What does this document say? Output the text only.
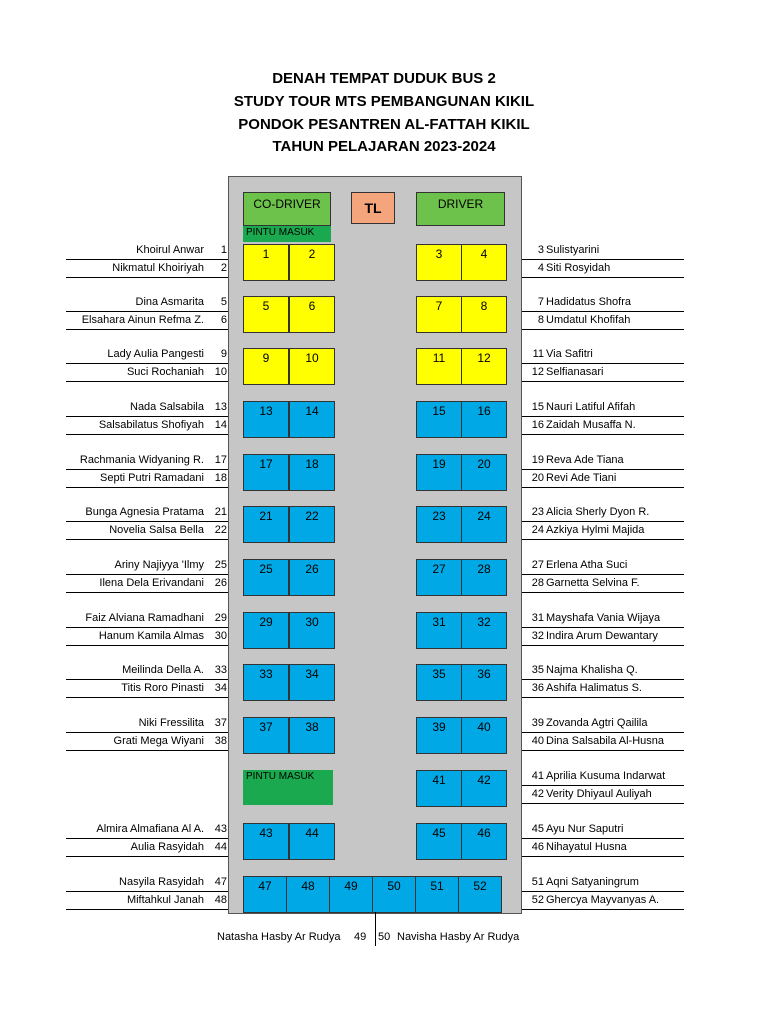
DENAH TEMPAT DUDUK BUS 2
STUDY TOUR MTS PEMBANGUNAN KIKIL
PONDOK PESANTREN AL-FATTAH KIKIL
TAHUN PELAJARAN 2023-2024
CO-DRIVER	TL	DRIVER
PINTU MASUK
PINTU MASUK
1	2	3	4
Khoirul Anwar	1
Nikmatul Khoiriyah	2
3 Sulistyarini
4 Siti Rosyidah
5	6	7	8
Dina Asmarita	5
Elsahara Ainun Refma Z.	6
7 Hadidatus Shofra
8 Umdatul Khofifah
9	10	11	12
Lady Aulia Pangesti	9
Suci Rochaniah 10
11 Via Safitri
12 Selfianasari
13	14	15	16
Nada Salsabila 13
Salsabilatus Shofiyah 14
15 Nauri Latiful Afifah
16 Zaidah Musaffa N.
17	18	19	20
Rachmania Widyaning R. 17
Septi Putri Ramadani 18
19 Reva Ade Tiana
20 Revi Ade Tiani
21	22	23	24
Bunga Agnesia Pratama 21
Novelia Salsa Bella 22
23 Alicia Sherly Dyon R.
24 Azkiya Hylmi Majida
25	26	27	28
Ariny Najiyya 'Ilmy 25
Ilena Dela Erivandani 26
27 Erlena Atha Suci
28 Garnetta Selvina F.
29	30	31	32
Faiz Alviana Ramadhani 29
Hanum Kamila Almas 30
31 Mayshafa Vania Wijaya
32 Indira Arum Dewantary
33	34	35	36
Meilinda Della A. 33
Titis Roro Pinasti 34
35 Najma Khalisha Q.
36 Ashifa Halimatus S.
37	38	39	40
Niki Fressilita 37
Grati Mega Wiyani 38
39 Zovanda Agtri Qailila
40 Dina Salsabila Al-Husna
41	42	41 Aprilia Kusuma Indarwat
42 Verity Dhiyaul Auliyah
43	44	45	46
Almira Almafiana Al A. 43
Aulia Rasyidah 44
45 Ayu Nur Saputri
46 Nihayatul Husna
47	48	49	50	51	52
Nasyila Rasyidah 47
Miftahkul Janah 48
51 Aqni Satyaningrum
52 Ghercya Mayvanyas A.
Natasha Hasby Ar Rudya 49 50 Navisha Hasby Ar Rudya
